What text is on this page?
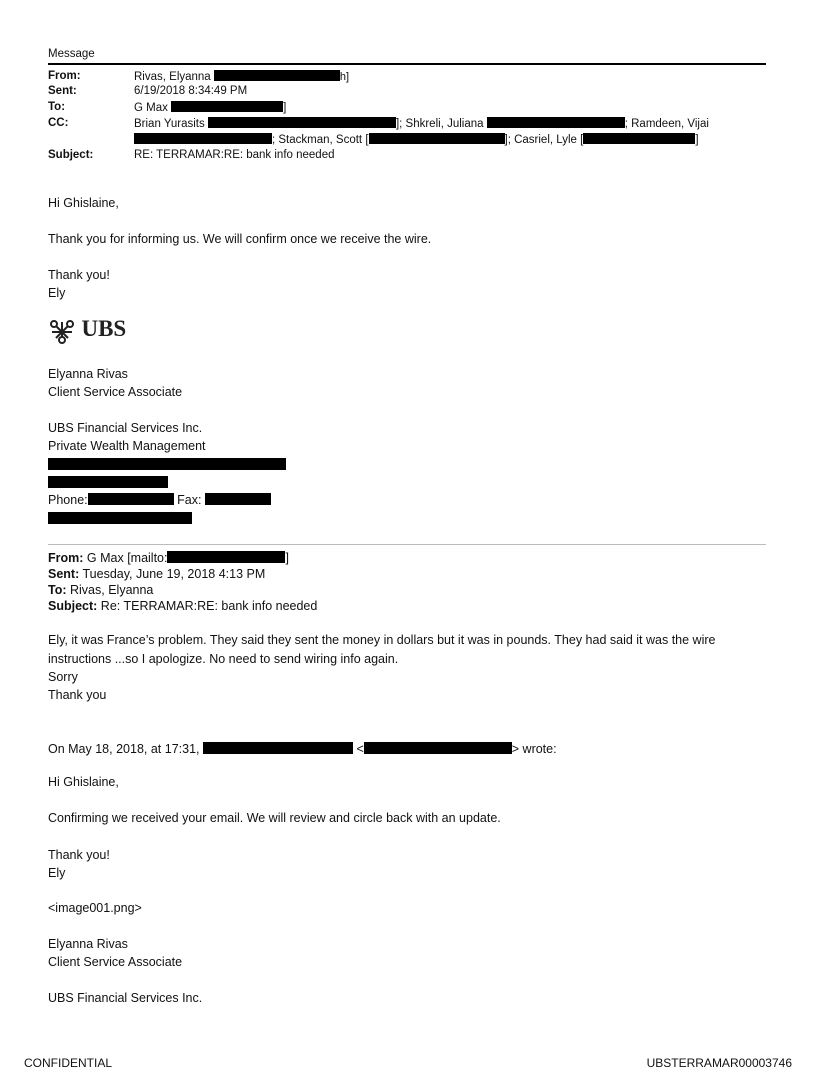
Message
From:	Rivas, Elyanna	h]
Sent:	6/19/2018 8:34:49 PM
To:	G Max	]
CC:	Brian Yurasits	]; Shkreli, Juliana	; Ramdeen, Vijai
; Stackman, Scott [	]; Casriel, Lyle [	]
Subject:	RE: TERRAMAR:RE: bank info needed
Hi Ghislaine,
Thank you for informing us. We will confirm once we receive the wire.
Thank you!
Ely
UBS
Elyanna Rivas
Client Service Associate
UBS Financial Services Inc.
Private Wealth Management
Phone:	Fax:
From: G Max [mailto:	]
Sent: Tuesday, June 19, 2018 4:13 PM
To: Rivas, Elyanna
Subject: Re: TERRAMAR:RE: bank info needed
Ely, it was France’s problem. They said they sent the money in dollars but it was in pounds. They had said it was the wire
instructions ...so I apologize. No need to send wiring info again.
Sorry
Thank you
On May 18, 2018, at 17:31,	<	> wrote:
Hi Ghislaine,
Confirming we received your email. We will review and circle back with an update.
Thank you!
Ely
<image001.png>
Elyanna Rivas
Client Service Associate
UBS Financial Services Inc.
CONFIDENTIAL	UBSTERRAMAR00003746
